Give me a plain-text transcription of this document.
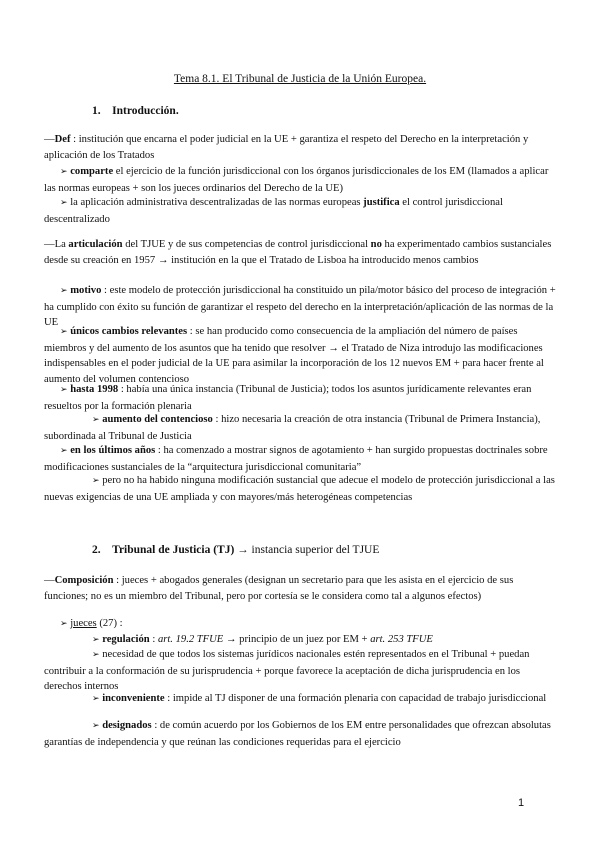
Tema 8.1. El Tribunal de Justicia de la Unión Europea.
1. Introducción.
—Def : institución que encarna el poder judicial en la UE + garantiza el respeto del Derecho en la interpretación y aplicación de los Tratados
➢ comparte el ejercicio de la función jurisdiccional con los órganos jurisdiccionales de los EM (llamados a aplicar las normas europeas + son los jueces ordinarios del Derecho de la UE)
➢ la aplicación administrativa descentralizadas de las normas europeas justifica el control jurisdiccional descentralizado
—La articulación del TJUE y de sus competencias de control jurisdiccional no ha experimentado cambios sustanciales desde su creación en 1957 → institución en la que el Tratado de Lisboa ha introducido menos cambios
➢ motivo : este modelo de protección jurisdiccional ha constituido un pila/motor básico del proceso de integración + ha cumplido con éxito su función de garantizar el respeto del derecho en la interpretación/aplicación de las normas de la UE
➢ únicos cambios relevantes : se han producido como consecuencia de la ampliación del número de países miembros y del aumento de los asuntos que ha tenido que resolver → el Tratado de Niza introdujo las modificaciones indispensables en el poder judicial de la UE para asimilar la incorporación de los 12 nuevos EM + para hacer frente al aumento del volumen contencioso
➢ hasta 1998 : había una única instancia (Tribunal de Justicia); todos los asuntos jurídicamente relevantes eran resueltos por la formación plenaria
➢ aumento del contencioso : hizo necesaria la creación de otra instancia (Tribunal de Primera Instancia), subordinada al Tribunal de Justicia
➢ en los últimos años : ha comenzado a mostrar signos de agotamiento + han surgido propuestas doctrinales sobre modificaciones sustanciales de la “arquitectura jurisdiccional comunitaria”
➢ pero no ha habido ninguna modificación sustancial que adecue el modelo de protección jurisdiccional a las nuevas exigencias de una UE ampliada y con mayores/más heterogéneas competencias
2. Tribunal de Justicia (TJ) → instancia superior del TJUE
—Composición : jueces + abogados generales (designan un secretario para que les asista en el ejercicio de sus funciones; no es un miembro del Tribunal, pero por cortesía se le considera como tal a algunos efectos)
➢ jueces (27) :
➢ regulación : art. 19.2 TFUE → principio de un juez por EM + art. 253 TFUE
➢ necesidad de que todos los sistemas jurídicos nacionales estén representados en el Tribunal + puedan contribuir a la conformación de su jurisprudencia + porque favorece la aceptación de dicha jurisprudencia en los derechos internos
➢ inconveniente : impide al TJ disponer de una formación plenaria con capacidad de trabajo jurisdiccional
➢ designados : de común acuerdo por los Gobiernos de los EM entre personalidades que ofrezcan absolutas garantías de independencia y que reúnan las condiciones requeridas para el ejercicio
1
